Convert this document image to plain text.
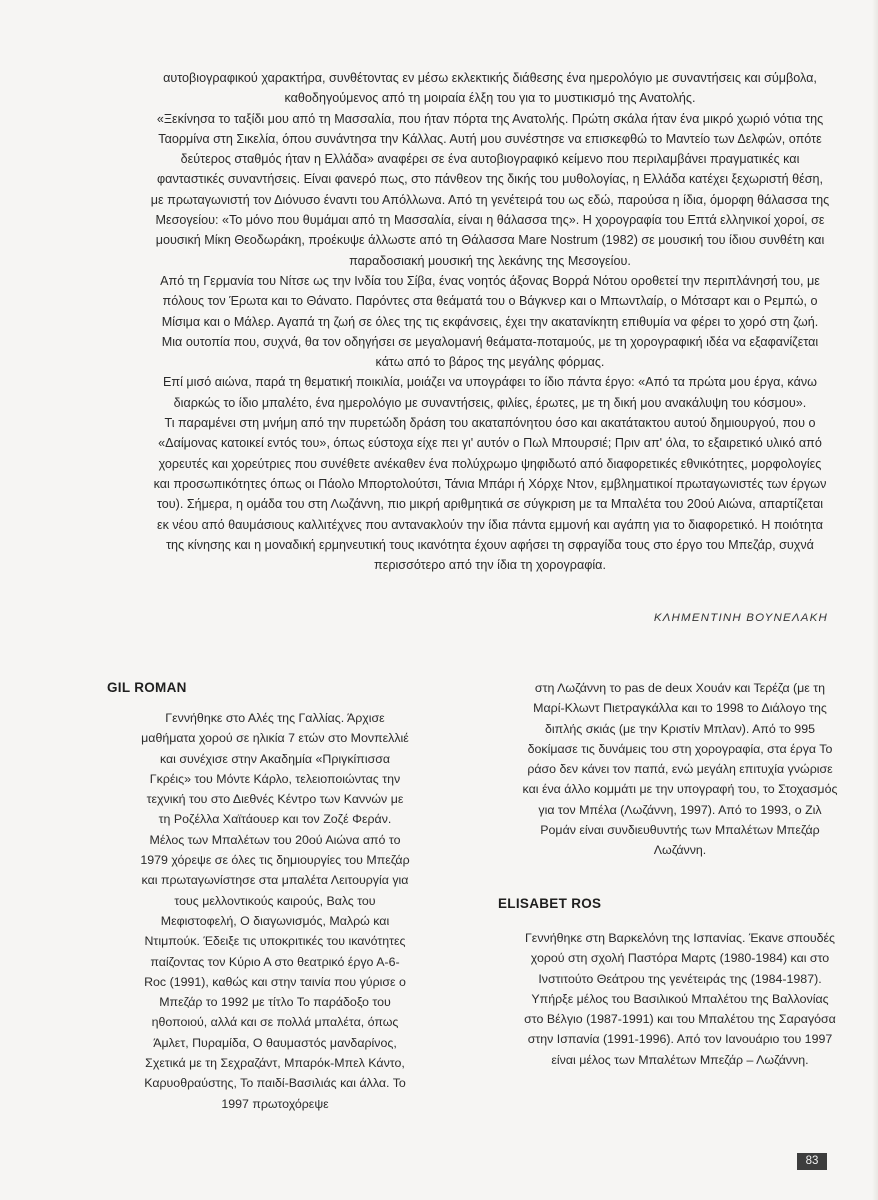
αυτοβιογραφικού χαρακτήρα, συνθέτοντας εν μέσω εκλεκτικής διάθεσης ένα ημερολόγιο με συναντήσεις και σύμβολα, καθοδηγούμενος από τη μοιραία έλξη του για το μυστικισμό της Ανατολής.

«Ξεκίνησα το ταξίδι μου από τη Μασσαλία, που ήταν πόρτα της Ανατολής. Πρώτη σκάλα ήταν ένα μικρό χωριό νότια της Ταορμίνα στη Σικελία, όπου συνάντησα την Κάλλας. Αυτή μου συνέστησε να επισκεφθώ το Μαντείο των Δελφών, οπότε δεύτερος σταθμός ήταν η Ελλάδα» αναφέρει σε ένα αυτοβιογραφικό κείμενο που περιλαμβάνει πραγματικές και φανταστικές συναντήσεις. Είναι φανερό πως, στο πάνθεον της δικής του μυθολογίας, η Ελλάδα κατέχει ξεχωριστή θέση, με πρωταγωνιστή τον Διόνυσο έναντι του Απόλλωνα. Από τη γενέτειρά του ως εδώ, παρούσα η ίδια, όμορφη θάλασσα της Μεσογείου: «Το μόνο που θυμάμαι από τη Μασσαλία, είναι η θάλασσα της». Η χορογραφία του Επτά ελληνικοί χοροί, σε μουσική Μίκη Θεοδωράκη, προέκυψε άλλωστε από τη Θάλασσα Mare Nostrum (1982) σε μουσική του ίδιου συνθέτη και παραδοσιακή μουσική της λεκάνης της Μεσογείου.

Από τη Γερμανία του Νίτσε ως την Ινδία του Σίβα, ένας νοητός άξονας Βορρά Νότου οροθετεί την περιπλάνησή του, με πόλους τον Έρωτα και το Θάνατο. Παρόντες στα θεάματά του ο Βάγκνερ και ο Μπωντλαίρ, ο Μότσαρτ και ο Ρεμπώ, ο Μίσιμα και ο Μάλερ. Αγαπά τη ζωή σε όλες της τις εκφάνσεις, έχει την ακατανίκητη επιθυμία να φέρει το χορό στη ζωή. Μια ουτοπία που, συχνά, θα τον οδηγήσει σε μεγαλομανή θεάματα-ποταμούς, με τη χορογραφική ιδέα να εξαφανίζεται κάτω από το βάρος της μεγάλης φόρμας.

Επί μισό αιώνα, παρά τη θεματική ποικιλία, μοιάζει να υπογράφει το ίδιο πάντα έργο: «Από τα πρώτα μου έργα, κάνω διαρκώς το ίδιο μπαλέτο, ένα ημερολόγιο με συναντήσεις, φιλίες, έρωτες, με τη δική μου ανακάλυψη του κόσμου».

Τι παραμένει στη μνήμη από την πυρετώδη δράση του ακαταπόνητου όσο και ακατάτακτου αυτού δημιουργού, που ο «Δαίμονας κατοικεί εντός του», όπως εύστοχα είχε πει γι' αυτόν ο Πωλ Μπουρσιέ; Πριν απ' όλα, το εξαιρετικό υλικό από χορευτές και χορεύτριες που συνέθετε ανέκαθεν ένα πολύχρωμο ψηφιδωτό από διαφορετικές εθνικότητες, μορφολογίες και προσωπικότητες όπως οι Πάολο Μπορτολούτσι, Τάνια Μπάρι ή Χόρχε Ντον, εμβληματικοί πρωταγωνιστές των έργων του). Σήμερα, η ομάδα του στη Λωζάννη, πιο μικρή αριθμητικά σε σύγκριση με τα Μπαλέτα του 20ού Αιώνα, απαρτίζεται εκ νέου από θαυμάσιους καλλιτέχνες που αντανακλούν την ίδια πάντα εμμονή και αγάπη για το διαφορετικό. Η ποιότητα της κίνησης και η μοναδική ερμηνευτική τους ικανότητα έχουν αφήσει τη σφραγίδα τους στο έργο του Μπεζάρ, συχνά περισσότερο από την ίδια τη χορογραφία.

ΚΛΗΜΕΝΤΙΝΗ ΒΟΥΝΕΛΑΚΗ
GIL ROMAN

Γεννήθηκε στο Αλές της Γαλλίας. Άρχισε μαθήματα χορού σε ηλικία 7 ετών στο Μονπελλιέ και συνέχισε στην Ακαδημία «Πριγκίπισσα Γκρέις» του Μόντε Κάρλο, τελειοποιώντας την τεχνική του στο Διεθνές Κέντρο των Καννών με τη Ροζέλλα Χαϊτάουερ και τον Ζοζέ Φεράν. Μέλος των Μπαλέτων του 20ού Αιώνα από το 1979 χόρεψε σε όλες τις δημιουργίες του Μπεζάρ και πρωταγωνίστησε στα μπαλέτα Λειτουργία για τους μελλοντικούς καιρούς, Βαλς του Μεφιστοφελή, Ο διαγωνισμός, Μαλρώ και Ντιμπούκ. Έδειξε τις υποκριτικές του ικανότητες παίζοντας τον Κύριο Α στο θεατρικό έργο Α-6-Roc (1991), καθώς και στην ταινία που γύρισε ο Μπεζάρ το 1992 με τίτλο Το παράδοξο του ηθοποιού, αλλά και σε πολλά μπαλέτα, όπως Άμλετ, Πυραμίδα, Ο θαυμαστός μανδαρίνος, Σχετικά με τη Σεχραζάντ, Μπαρόκ-Μπελ Κάντο, Καρυοθραύστης, Το παιδί-Βασιλιάς και άλλα. Το 1997 πρωτοχόρεψε

στη Λωζάννη το pas de deux Χουάν και Τερέζα (με τη Μαρί-Κλωντ Πιετραγκάλλα και το 1998 το Διάλογο της διπλής σκιάς (με την Κριστίν Μπλαν). Από το 995 δοκίμασε τις δυνάμεις του στη χορογραφία, στα έργα Το ράσο δεν κάνει τον παπά, ενώ μεγάλη επιτυχία γνώρισε και ένα άλλο κομμάτι με την υπογραφή του, το Στοχασμός για τον Μπέλα (Λωζάννη, 1997). Από το 1993, ο Ζιλ Ρομάν είναι συνδιευθυντής των Μπαλέτων Μπεζάρ Λωζάννη.

ELISABET ROS

Γεννήθηκε στη Βαρκελόνη της Ισπανίας. Έκανε σπουδές χορού στη σχολή Παστόρα Μαρτς (1980-1984) και στο Ινστιτούτο Θεάτρου της γενέτειράς της (1984-1987). Υπήρξε μέλος του Βασιλικού Μπαλέτου της Βαλλονίας στο Βέλγιο (1987-1991) και του Μπαλέτου της Σαραγόσα στην Ισπανία (1991-1996). Από τον Ιανουάριο του 1997 είναι μέλος των Μπαλέτων Μπεζάρ – Λωζάννη.

83
